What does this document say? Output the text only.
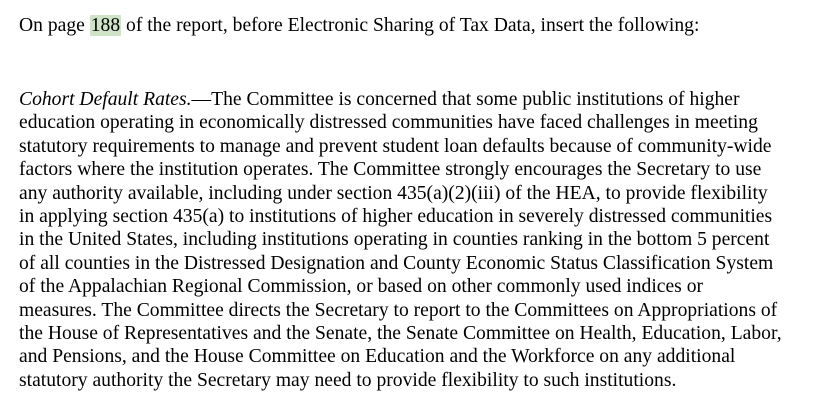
On page 188 of the report, before Electronic Sharing of Tax Data, insert the following:

Cohort Default Rates.—The Committee is concerned that some public institutions of higher
education operating in economically distressed communities have faced challenges in meeting
statutory requirements to manage and prevent student loan defaults because of community-wide
factors where the institution operates. The Committee strongly encourages the Secretary to use
any authority available, including under section 435(a)(2)(iii) of the HEA, to provide flexibility
in applying section 435(a) to institutions of higher education in severely distressed communities
in the United States, including institutions operating in counties ranking in the bottom 5 percent
of all counties in the Distressed Designation and County Economic Status Classification System
of the Appalachian Regional Commission, or based on other commonly used indices or
measures. The Committee directs the Secretary to report to the Committees on Appropriations of
the House of Representatives and the Senate, the Senate Committee on Health, Education, Labor,
and Pensions, and the House Committee on Education and the Workforce on any additional
statutory authority the Secretary may need to provide flexibility to such institutions.
